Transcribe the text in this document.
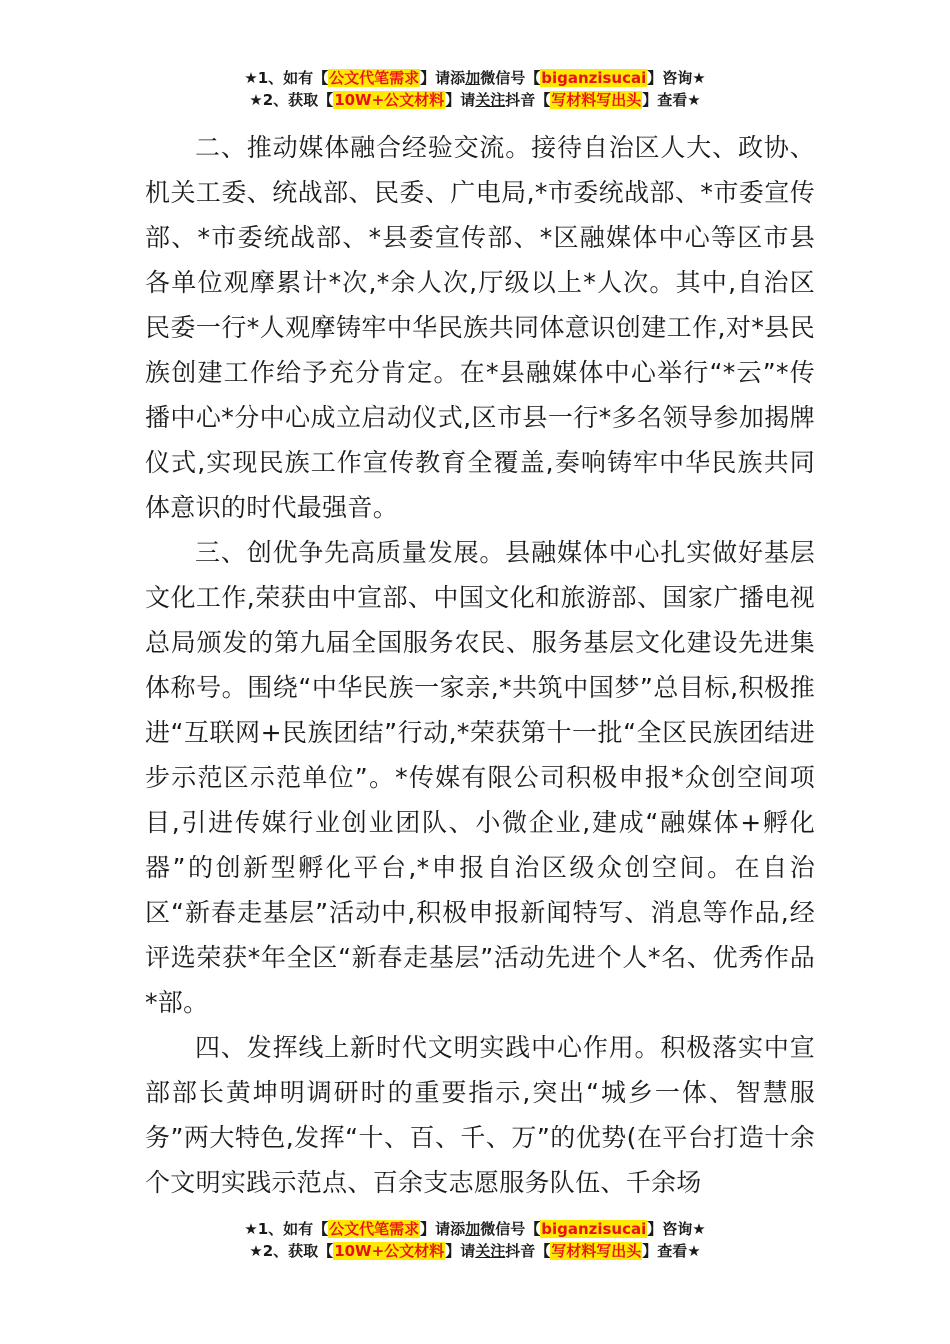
★1、如有【公文代笔需求】请添加微信号【biganzisucai】咨询★
★2、获取【10W+公文材料】请关注抖音【写材料写出头】查看★

二、推动媒体融合经验交流。接待自治区人大、政协、机关工委、统战部、民委、广电局,*市委统战部、*市委宣传部、*市委统战部、*县委宣传部、*区融媒体中心等区市县各单位观摩累计*次,*余人次,厅级以上*人次。其中,自治区民委一行*人观摩铸牢中华民族共同体意识创建工作,对*县民族创建工作给予充分肯定。在*县融媒体中心举行“*云”*传播中心*分中心成立启动仪式,区市县一行*多名领导参加揭牌仪式,实现民族工作宣传教育全覆盖,奏响铸牢中华民族共同体意识的时代最强音。

三、创优争先高质量发展。县融媒体中心扎实做好基层文化工作,荣获由中宣部、中国文化和旅游部、国家广播电视总局颁发的第九届全国服务农民、服务基层文化建设先进集体称号。围绕“中华民族一家亲,*共筑中国梦”总目标,积极推进“互联网+民族团结”行动,*荣获第十一批“全区民族团结进步示范区示范单位”。*传媒有限公司积极申报*众创空间项目,引进传媒行业创业团队、小微企业,建成“融媒体+孵化器”的创新型孵化平台,*申报自治区级众创空间。在自治区“新春走基层”活动中,积极申报新闻特写、消息等作品,经评选荣获*年全区“新春走基层”活动先进个人*名、优秀作品*部。

四、发挥线上新时代文明实践中心作用。积极落实中宣部部长黄坤明调研时的重要指示,突出“城乡一体、智慧服务”两大特色,发挥“十、百、千、万”的优势(在平台打造十余个文明实践示范点、百余支志愿服务队伍、千余场

★1、如有【公文代笔需求】请添加微信号【biganzisucai】咨询★
★2、获取【10W+公文材料】请关注抖音【写材料写出头】查看★
